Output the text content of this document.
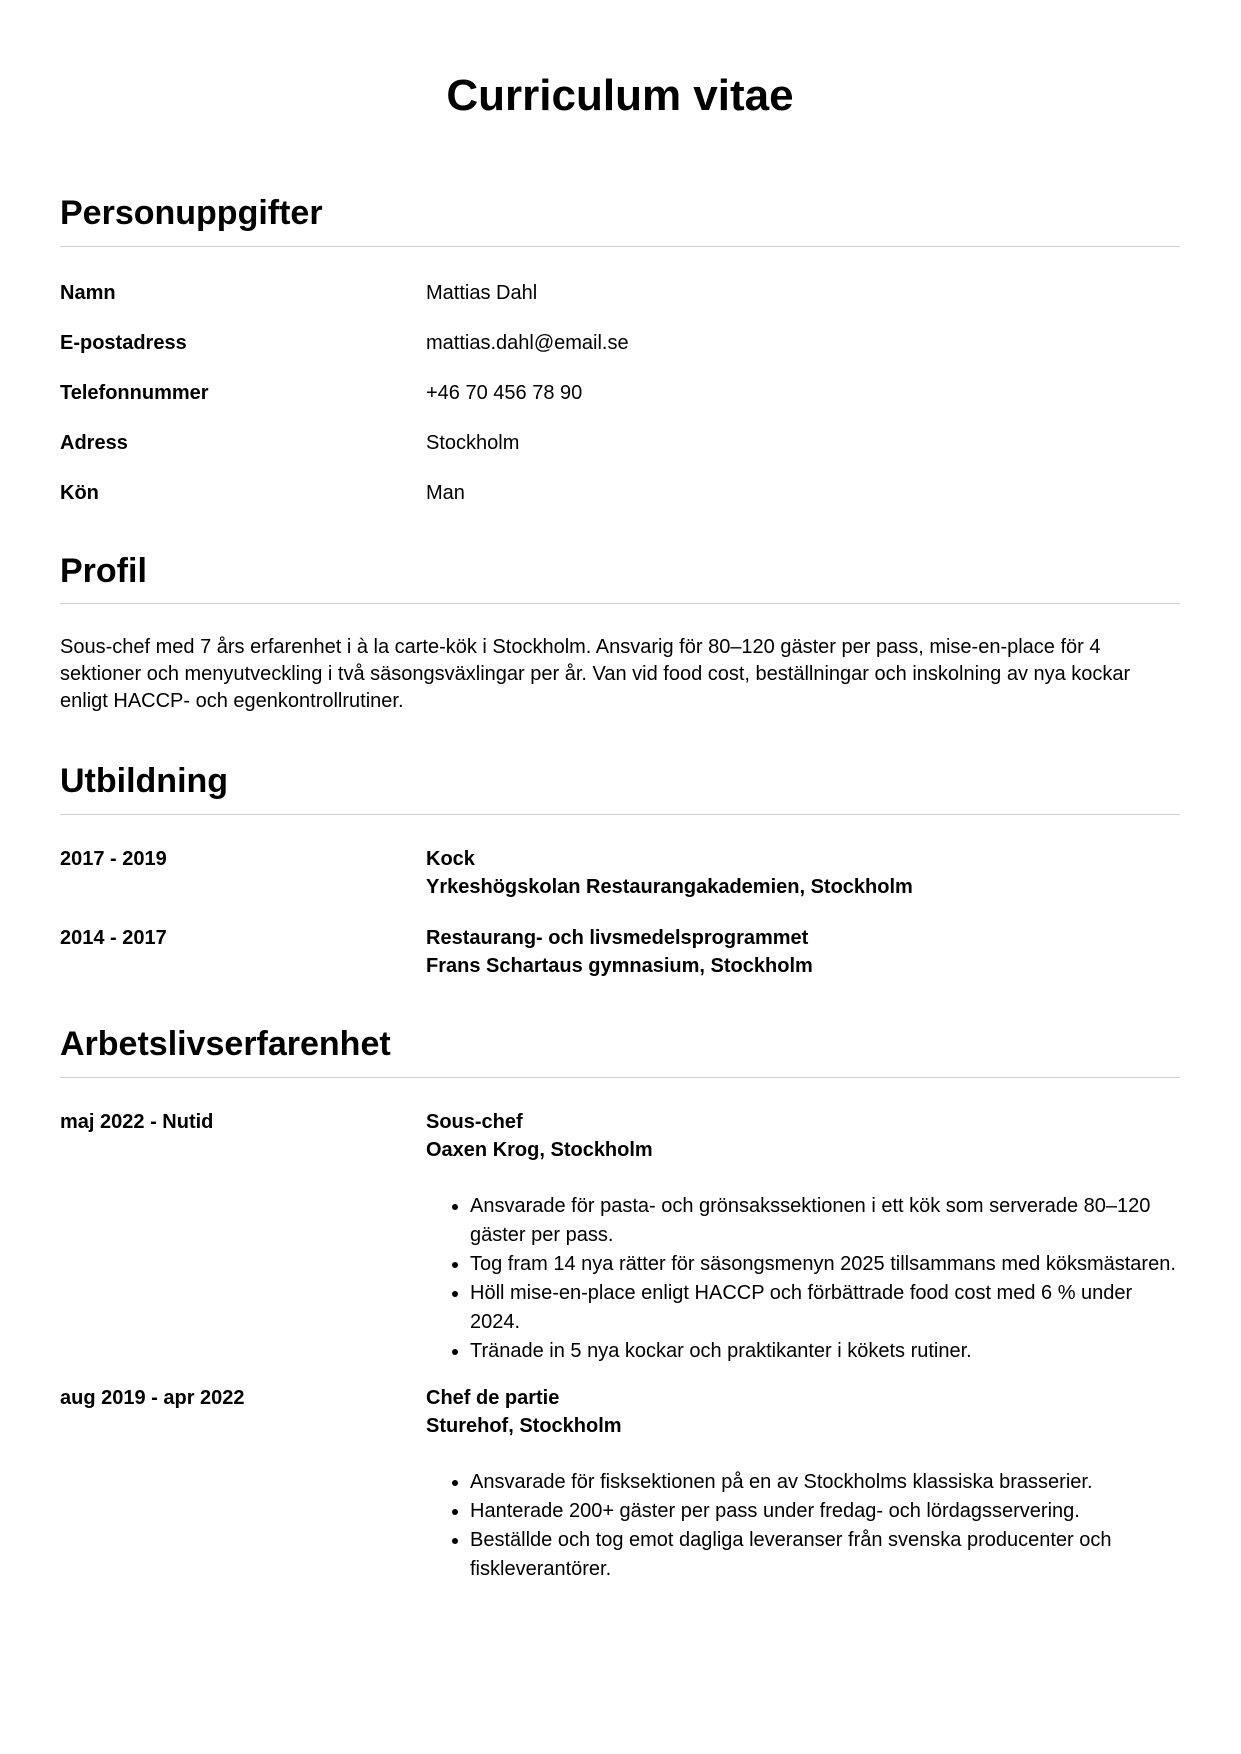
Curriculum vitae
Personuppgifter
Namn	Mattias Dahl
E-postadress	mattias.dahl@email.se
Telefonnummer	+46 70 456 78 90
Adress	Stockholm
Kön	Man
Profil

Sous-chef med 7 års erfarenhet i à la carte-kök i Stockholm. Ansvarig för 80–120 gäster per pass, mise-en-place för 4 sektioner och menyutveckling i två säsongsväxlingar per år. Van vid food cost, beställningar och inskolning av nya kockar enligt HACCP- och egenkontrollrutiner.

Utbildning
2017 - 2019	Kock
Yrkeshögskolan Restaurangakademien, Stockholm
2014 - 2017	Restaurang- och livsmedelsprogrammet
Frans Schartaus gymnasium, Stockholm
Arbetslivserfarenhet
maj 2022 - Nutid	Sous-chef
Oaxen Krog, Stockholm
• Ansvarade för pasta- och grönsakssektionen i ett kök som serverade 80–120 gäster per pass.
• Tog fram 14 nya rätter för säsongsmenyn 2025 tillsammans med köksmästaren.
• Höll mise-en-place enligt HACCP och förbättrade food cost med 6 % under 2024.
• Tränade in 5 nya kockar och praktikanter i kökets rutiner.
aug 2019 - apr 2022	Chef de partie
Sturehof, Stockholm
• Ansvarade för fisksektionen på en av Stockholms klassiska brasserier.
• Hanterade 200+ gäster per pass under fredag- och lördagsservering.
• Beställde och tog emot dagliga leveranser från svenska producenter och fiskleverantörer.
